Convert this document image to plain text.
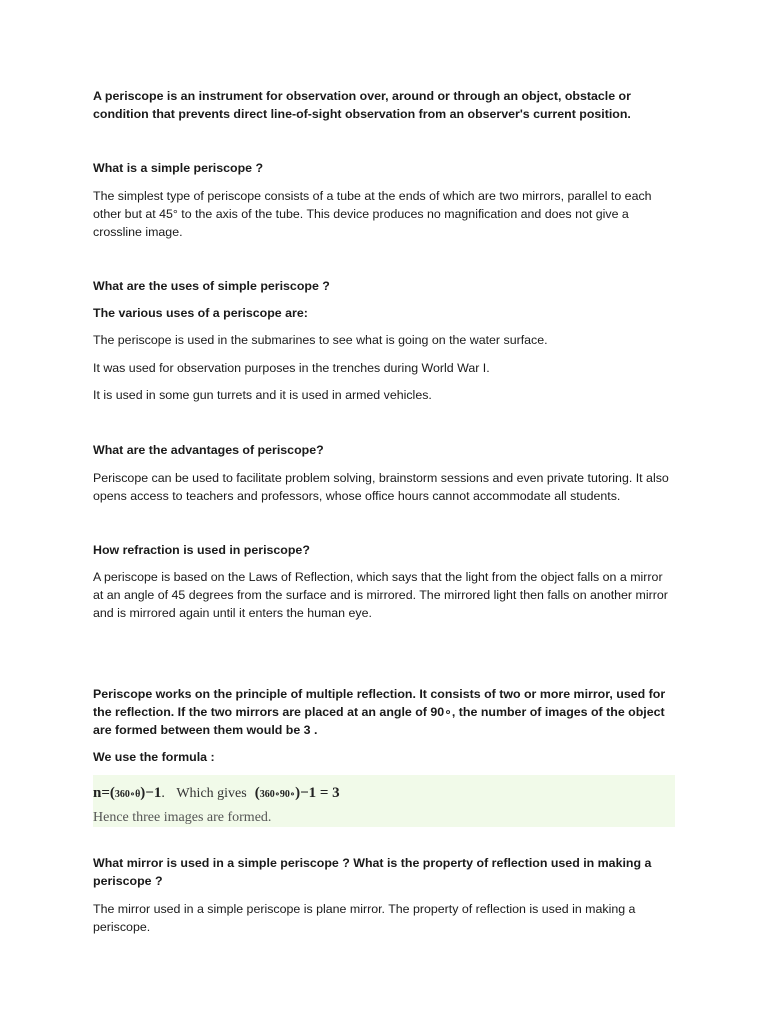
A periscope is an instrument for observation over, around or through an object, obstacle or condition that prevents direct line-of-sight observation from an observer's current position.

What is a simple periscope ?

The simplest type of periscope consists of a tube at the ends of which are two mirrors, parallel to each other but at 45° to the axis of the tube. This device produces no magnification and does not give a crossline image.

What are the uses of simple periscope ?

The various uses of a periscope are:

The periscope is used in the submarines to see what is going on the water surface.

It was used for observation purposes in the trenches during World War I.

It is used in some gun turrets and it is used in armed vehicles.

What are the advantages of periscope?

Periscope can be used to facilitate problem solving, brainstorm sessions and even private tutoring. It also opens access to teachers and professors, whose office hours cannot accommodate all students.

How refraction is used in periscope?

A periscope is based on the Laws of Reflection, which says that the light from the object falls on a mirror at an angle of 45 degrees from the surface and is mirrored. The mirrored light then falls on another mirror and is mirrored again until it enters the human eye.

Periscope works on the principle of multiple reflection. It consists of two or more mirror, used for the reflection. If the two mirrors are placed at an angle of 90∘, the number of images of the object are formed between them would be 3 .

We use the formula :

n=(360∘θ)−1. Which gives (360∘90∘)−1 = 3
Hence three images are formed.

What mirror is used in a simple periscope ? What is the property of reflection used in making a periscope ?

The mirror used in a simple periscope is plane mirror. The property of reflection is used in making a periscope.
